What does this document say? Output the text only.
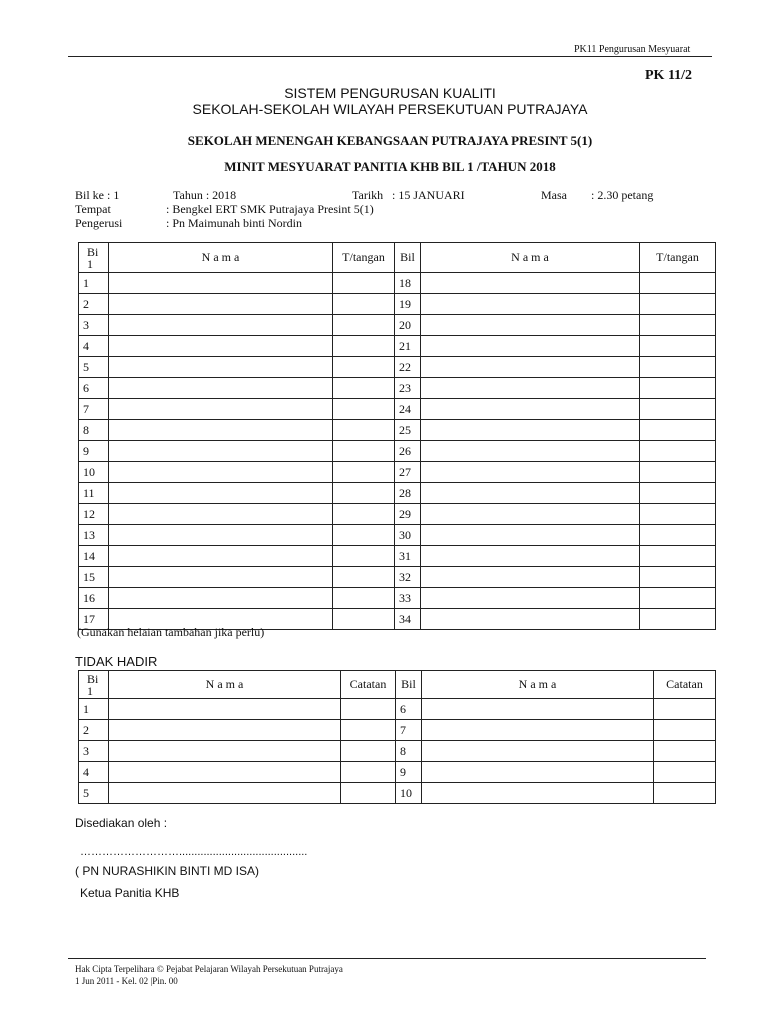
PK11 Pengurusan Mesyuarat
PK 11/2
SISTEM PENGURUSAN KUALITI
SEKOLAH-SEKOLAH WILAYAH PERSEKUTUAN PUTRAJAYA
SEKOLAH MENENGAH KEBANGSAAN PUTRAJAYA PRESINT 5(1)
MINIT MESYUARAT PANITIA KHB BIL 1 /TAHUN 2018
Bil ke : 1	Tahun : 2018	Tarikh : 15 JANUARI	Masa : 2.30 petang
Tempat	: Bengkel ERT SMK Putrajaya Presint 5(1)
Pengerusi	: Pn Maimunah binti Nordin
Bi
1	N a m a	T/tangan	Bil	N a m a	T/tangan
1			18		
2			19		
3			20		
4			21		
5			22		
6			23		
7			24		
8			25		
9			26		
10			27		
11			28		
12			29		
13			30		
14			31		
15			32		
16			33		
17			34		
(Gunakan helaian tambahan jika perlu)
TIDAK HADIR
Bi
1	N a m a	Catatan	Bil	N a m a	Catatan
1			6		
2			7		
3			8		
4			9		
5			10		
Disediakan oleh :
………………………..........................................
( PN NURASHIKIN BINTI MD ISA)
Ketua Panitia KHB
Hak Cipta Terpelihara © Pejabat Pelajaran Wilayah Persekutuan Putrajaya
1 Jun 2011 - Kel. 02 |Pin. 00
